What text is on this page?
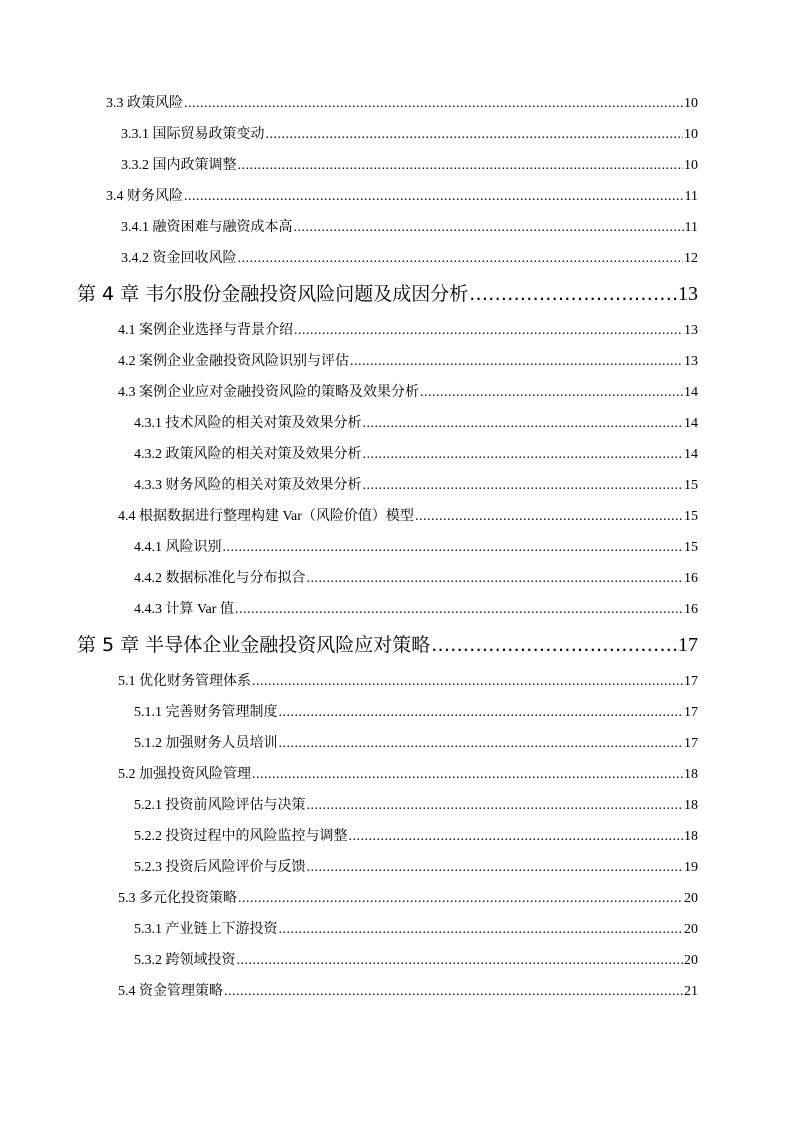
3.3 政策风险 .....	10
3.3.1 国际贸易政策变动 .....	10
3.3.2 国内政策调整 .....	10
3.4 财务风险 .....	11
3.4.1 融资困难与融资成本高 .....	11
3.4.2 资金回收风险 .....	12
第 4 章 韦尔股份金融投资风险问题及成因分析 .....	13
4.1 案例企业选择与背景介绍 .....	13
4.2 案例企业金融投资风险识别与评估 .....	13
4.3 案例企业应对金融投资风险的策略及效果分析 .....	14
4.3.1 技术风险的相关对策及效果分析 .....	14
4.3.2 政策风险的相关对策及效果分析 .....	14
4.3.3 财务风险的相关对策及效果分析 .....	15
4.4 根据数据进行整理构建 Var（风险价值）模型 .....	15
4.4.1 风险识别 .....	15
4.4.2 数据标准化与分布拟合 .....	16
4.4.3 计算 Var 值 .....	16
第 5 章 半导体企业金融投资风险应对策略 .....	17
5.1 优化财务管理体系 .....	17
5.1.1 完善财务管理制度 .....	17
5.1.2 加强财务人员培训 .....	17
5.2 加强投资风险管理 .....	18
5.2.1 投资前风险评估与决策 .....	18
5.2.2 投资过程中的风险监控与调整 .....	18
5.2.3 投资后风险评价与反馈 .....	19
5.3 多元化投资策略 .....	20
5.3.1 产业链上下游投资 .....	20
5.3.2 跨领域投资 .....	20
5.4 资金管理策略 .....	21
